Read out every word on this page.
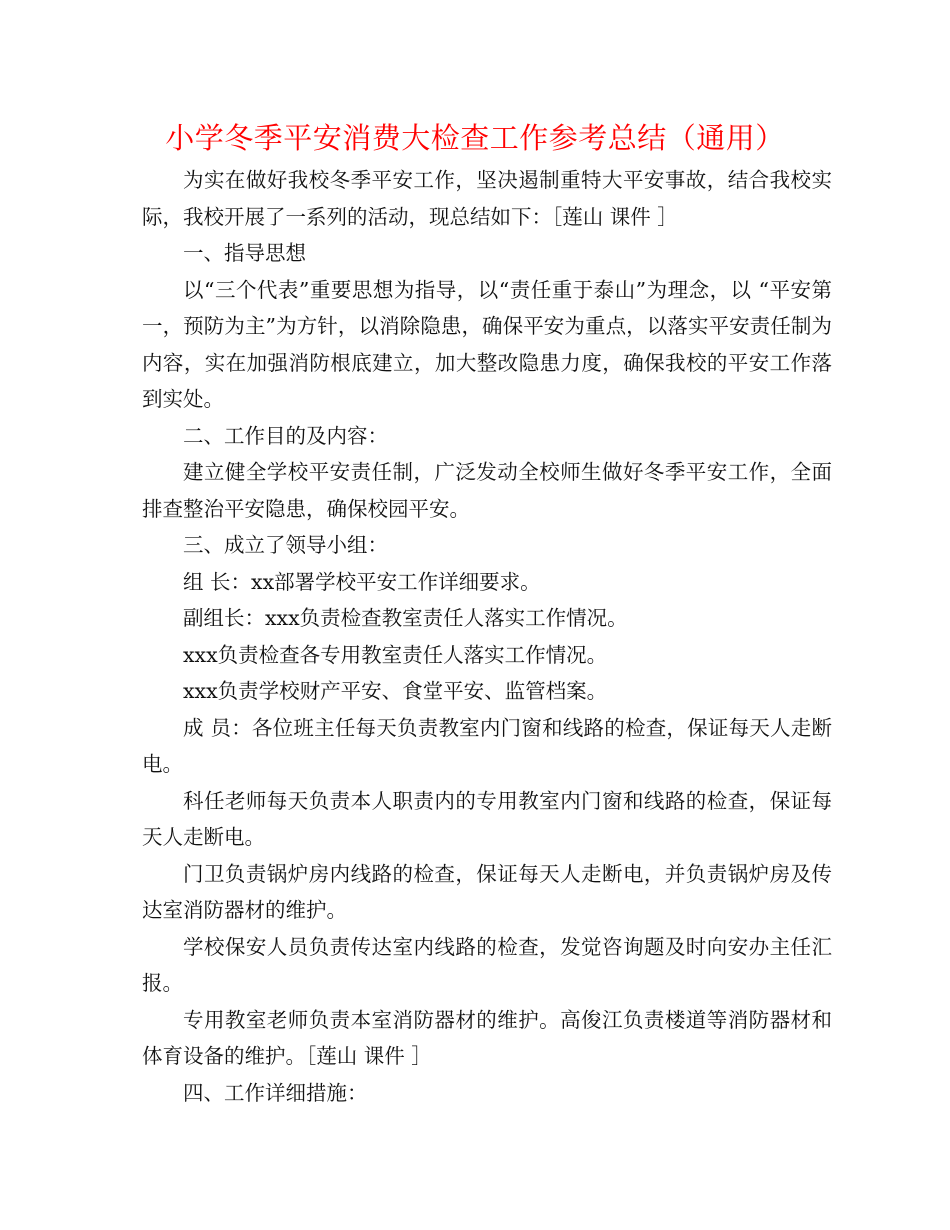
小学冬季平安消费大检查工作参考总结（通用）

为实在做好我校冬季平安工作，坚决遏制重特大平安事故，结合我校实际，我校开展了一系列的活动，现总结如下：［莲山 课件 ］

一、指导思想

以“三个代表”重要思想为指导，以“责任重于泰山”为理念，以 “平安第一，预防为主”为方针，以消除隐患，确保平安为重点，以落实平安责任制为内容，实在加强消防根底建立，加大整改隐患力度，确保我校的平安工作落到实处。

二、工作目的及内容：

建立健全学校平安责任制，广泛发动全校师生做好冬季平安工作，全面排查整治平安隐患，确保校园平安。

三、成立了领导小组：

组 长：xx部署学校平安工作详细要求。

副组长：xxx负责检查教室责任人落实工作情况。

xxx负责检查各专用教室责任人落实工作情况。

xxx负责学校财产平安、食堂平安、监管档案。

成 员：各位班主任每天负责教室内门窗和线路的检查，保证每天人走断电。

科任老师每天负责本人职责内的专用教室内门窗和线路的检查，保证每天人走断电。

门卫负责锅炉房内线路的检查，保证每天人走断电，并负责锅炉房及传达室消防器材的维护。

学校保安人员负责传达室内线路的检查，发觉咨询题及时向安办主任汇报。

专用教室老师负责本室消防器材的维护。高俊江负责楼道等消防器材和体育设备的维护。［莲山 课件 ］

四、工作详细措施：
